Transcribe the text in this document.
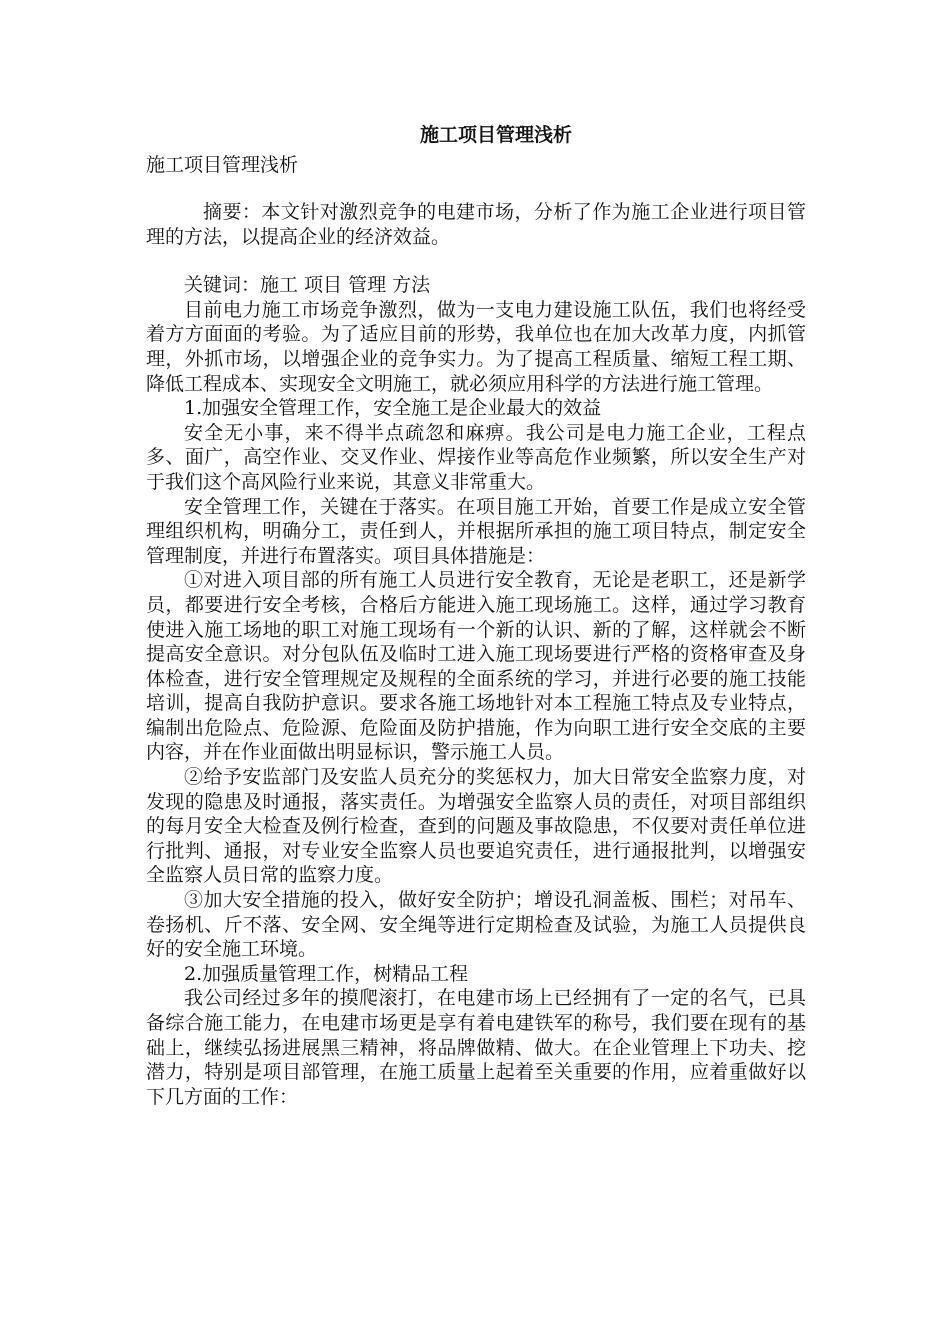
施工项目管理浅析

施工项目管理浅析

摘要：本文针对激烈竞争的电建市场，分析了作为施工企业进行项目管理的方法，以提高企业的经济效益。

关键词：施工 项目 管理 方法

目前电力施工市场竞争激烈，做为一支电力建设施工队伍，我们也将经受着方方面面的考验。为了适应目前的形势，我单位也在加大改革力度，内抓管理，外抓市场，以增强企业的竞争实力。为了提高工程质量、缩短工程工期、降低工程成本、实现安全文明施工，就必须应用科学的方法进行施工管理。

1.加强安全管理工作，安全施工是企业最大的效益

安全无小事，来不得半点疏忽和麻痹。我公司是电力施工企业，工程点多、面广，高空作业、交叉作业、焊接作业等高危作业频繁，所以安全生产对于我们这个高风险行业来说，其意义非常重大。

安全管理工作，关键在于落实。在项目施工开始，首要工作是成立安全管理组织机构，明确分工，责任到人，并根据所承担的施工项目特点，制定安全管理制度，并进行布置落实。项目具体措施是：

①对进入项目部的所有施工人员进行安全教育，无论是老职工，还是新学员，都要进行安全考核，合格后方能进入施工现场施工。这样，通过学习教育使进入施工场地的职工对施工现场有一个新的认识、新的了解，这样就会不断提高安全意识。对分包队伍及临时工进入施工现场要进行严格的资格审查及身体检查，进行安全管理规定及规程的全面系统的学习，并进行必要的施工技能培训，提高自我防护意识。要求各施工场地针对本工程施工特点及专业特点，编制出危险点、危险源、危险面及防护措施，作为向职工进行安全交底的主要内容，并在作业面做出明显标识，警示施工人员。

②给予安监部门及安监人员充分的奖惩权力，加大日常安全监察力度，对发现的隐患及时通报，落实责任。为增强安全监察人员的责任，对项目部组织的每月安全大检查及例行检查，查到的问题及事故隐患，不仅要对责任单位进行批判、通报，对专业安全监察人员也要追究责任，进行通报批判，以增强安全监察人员日常的监察力度。

③加大安全措施的投入，做好安全防护；增设孔洞盖板、围栏；对吊车、卷扬机、斤不落、安全网、安全绳等进行定期检查及试验，为施工人员提供良好的安全施工环境。

2.加强质量管理工作，树精品工程

我公司经过多年的摸爬滚打，在电建市场上已经拥有了一定的名气，已具备综合施工能力，在电建市场更是享有着电建铁军的称号，我们要在现有的基础上，继续弘扬进展黑三精神，将品牌做精、做大。在企业管理上下功夫、挖潜力，特别是项目部管理，在施工质量上起着至关重要的作用，应着重做好以下几方面的工作：
